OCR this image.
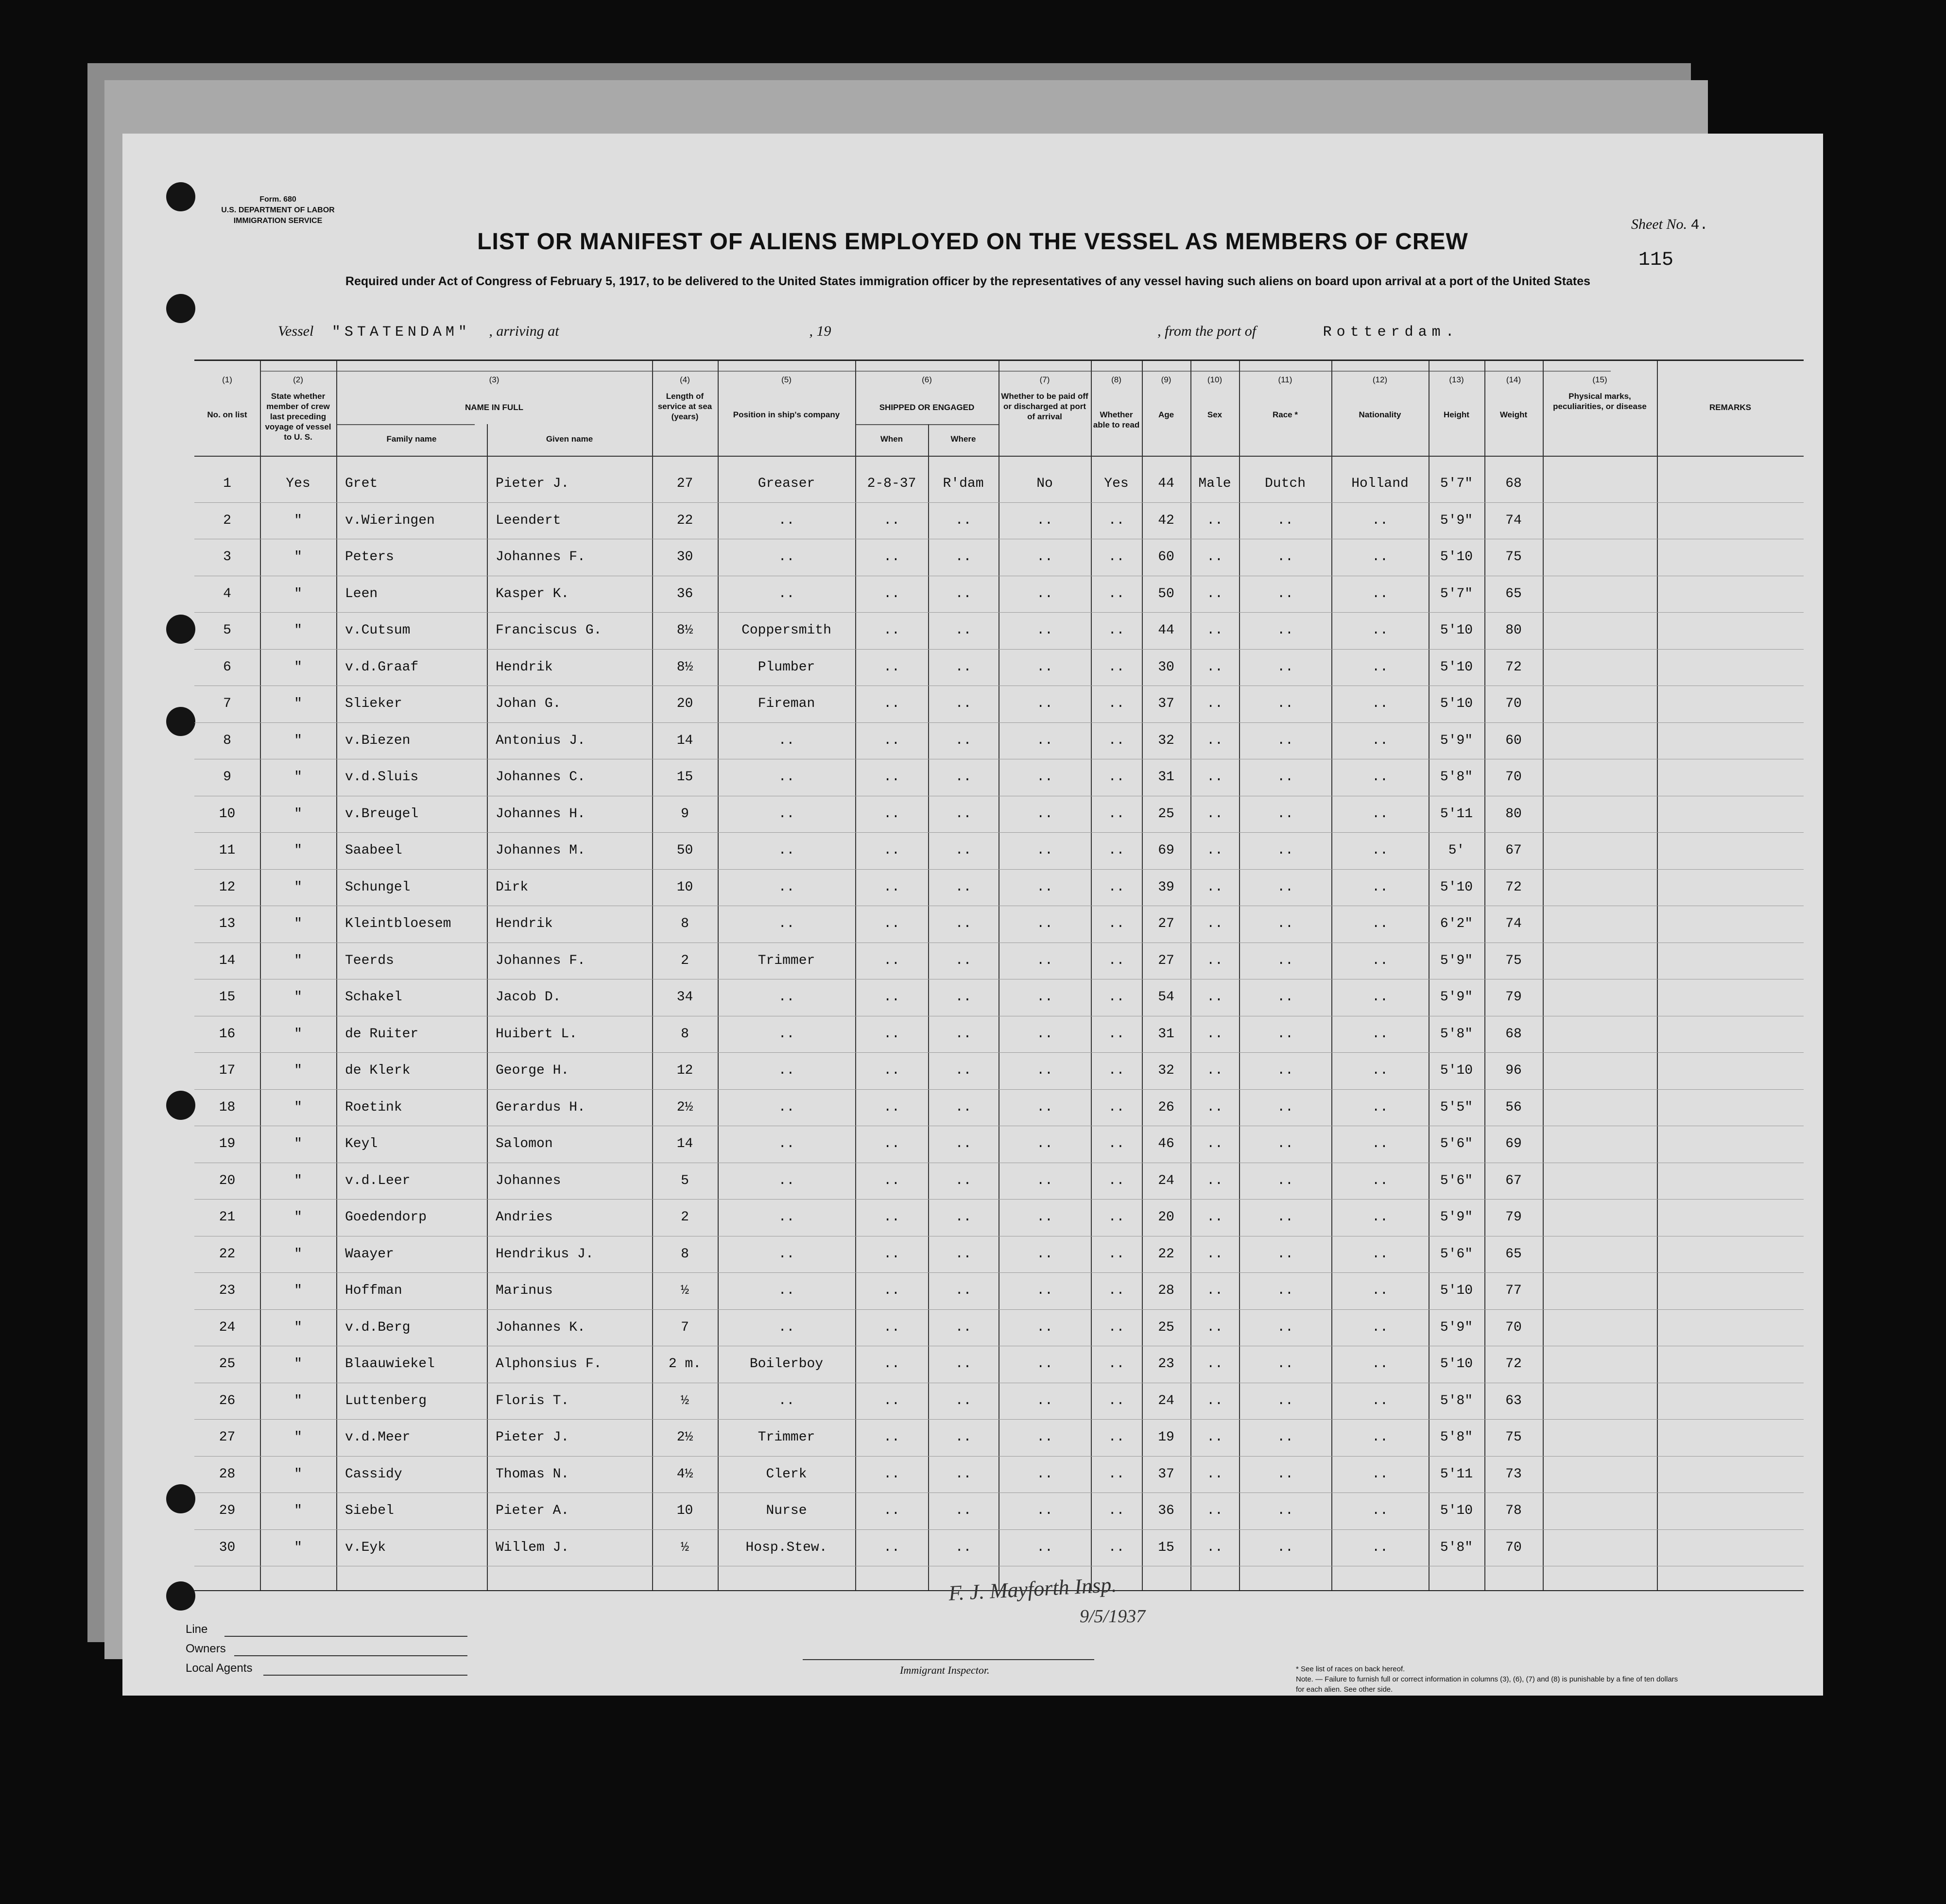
Form. 680
U.S. DEPARTMENT OF LABOR
IMMIGRATION SERVICE
LIST OR MANIFEST OF ALIENS EMPLOYED ON THE VESSEL AS MEMBERS OF CREW
Sheet No. 4.
115
Required under Act of Congress of February 5, 1917, to be delivered to the United States immigration officer by the representatives of any vessel having such aliens on board upon arrival at a port of the United States
Vessel "STATENDAM" , arriving at	, 19	, from the port of	Rotterdam.
(1)
No. on list
(2)
State whether member of crew last preceding voyage of vessel to U. S.
(4)
Length of service at sea (years)
(5)
Position in ship's company
(7)
Whether to be paid off or discharged at port of arrival
(8)
Whether able to read
(9)
Age
(10)
Sex
(11)
Race *
(12)
Nationality
(13)
Height
(14)
Weight
(15)
Physical marks, peculiarities, or disease
(3)
NAME IN FULL
Family name	Given name
(6)
SHIPPED OR ENGAGED
When	Where
REMARKS
1	Yes	Gret	Pieter J.	27	Greaser	2-8-37	R'dam	No	Yes	44	Male	Dutch	Holland	5'7"	68
2	"	v.Wieringen	Leendert	22	..	..	..	..	..	42	..	..	..	5'9"	74
3	"	Peters	Johannes F.	30	..	..	..	..	..	60	..	..	..	5'10	75
4	"	Leen	Kasper K.	36	..	..	..	..	..	50	..	..	..	5'7"	65
5	"	v.Cutsum	Franciscus G.	8½	Coppersmith	..	..	..	..	44	..	..	..	5'10	80
6	"	v.d.Graaf	Hendrik	8½	Plumber	..	..	..	..	30	..	..	..	5'10	72
7	"	Slieker	Johan G.	20	Fireman	..	..	..	..	37	..	..	..	5'10	70
8	"	v.Biezen	Antonius J.	14	..	..	..	..	..	32	..	..	..	5'9"	60
9	"	v.d.Sluis	Johannes C.	15	..	..	..	..	..	31	..	..	..	5'8"	70
10	"	v.Breugel	Johannes H.	9	..	..	..	..	..	25	..	..	..	5'11	80
11	"	Saabeel	Johannes M.	50	..	..	..	..	..	69	..	..	..	5'	67
12	"	Schungel	Dirk	10	..	..	..	..	..	39	..	..	..	5'10	72
13	"	Kleintbloesem	Hendrik	8	..	..	..	..	..	27	..	..	..	6'2"	74
14	"	Teerds	Johannes F.	2	Trimmer	..	..	..	..	27	..	..	..	5'9"	75
15	"	Schakel	Jacob D.	34	..	..	..	..	..	54	..	..	..	5'9"	79
16	"	de Ruiter	Huibert L.	8	..	..	..	..	..	31	..	..	..	5'8"	68
17	"	de Klerk	George H.	12	..	..	..	..	..	32	..	..	..	5'10	96
18	"	Roetink	Gerardus H.	2½	..	..	..	..	..	26	..	..	..	5'5"	56
19	"	Keyl	Salomon	14	..	..	..	..	..	46	..	..	..	5'6"	69
20	"	v.d.Leer	Johannes	5	..	..	..	..	..	24	..	..	..	5'6"	67
21	"	Goedendorp	Andries	2	..	..	..	..	..	20	..	..	..	5'9"	79
22	"	Waayer	Hendrikus J.	8	..	..	..	..	..	22	..	..	..	5'6"	65
23	"	Hoffman	Marinus	½	..	..	..	..	..	28	..	..	..	5'10	77
24	"	v.d.Berg	Johannes K.	7	..	..	..	..	..	25	..	..	..	5'9"	70
25	"	Blaauwiekel	Alphonsius F.	2 m.	Boilerboy	..	..	..	..	23	..	..	..	5'10	72
26	"	Luttenberg	Floris T.	½	..	..	..	..	..	24	..	..	..	5'8"	63
27	"	v.d.Meer	Pieter J.	2½	Trimmer	..	..	..	..	19	..	..	..	5'8"	75
28	"	Cassidy	Thomas N.	4½	Clerk	..	..	..	..	37	..	..	..	5'11	73
29	"	Siebel	Pieter A.	10	Nurse	..	..	..	..	36	..	..	..	5'10	78
30	"	v.Eyk	Willem J.	½	Hosp.Stew.	..	..	..	..	15	..	..	..	5'8"	70
Line
Owners
Local Agents
F. J. Mayforth Insp.
9/5/1937
Immigrant Inspector.	* See list of races on back hereof.
Note. — Failure to furnish full or correct information in columns (3), (6), (7) and (8) is punishable by a fine of ten dollars for each alien. See other side.
